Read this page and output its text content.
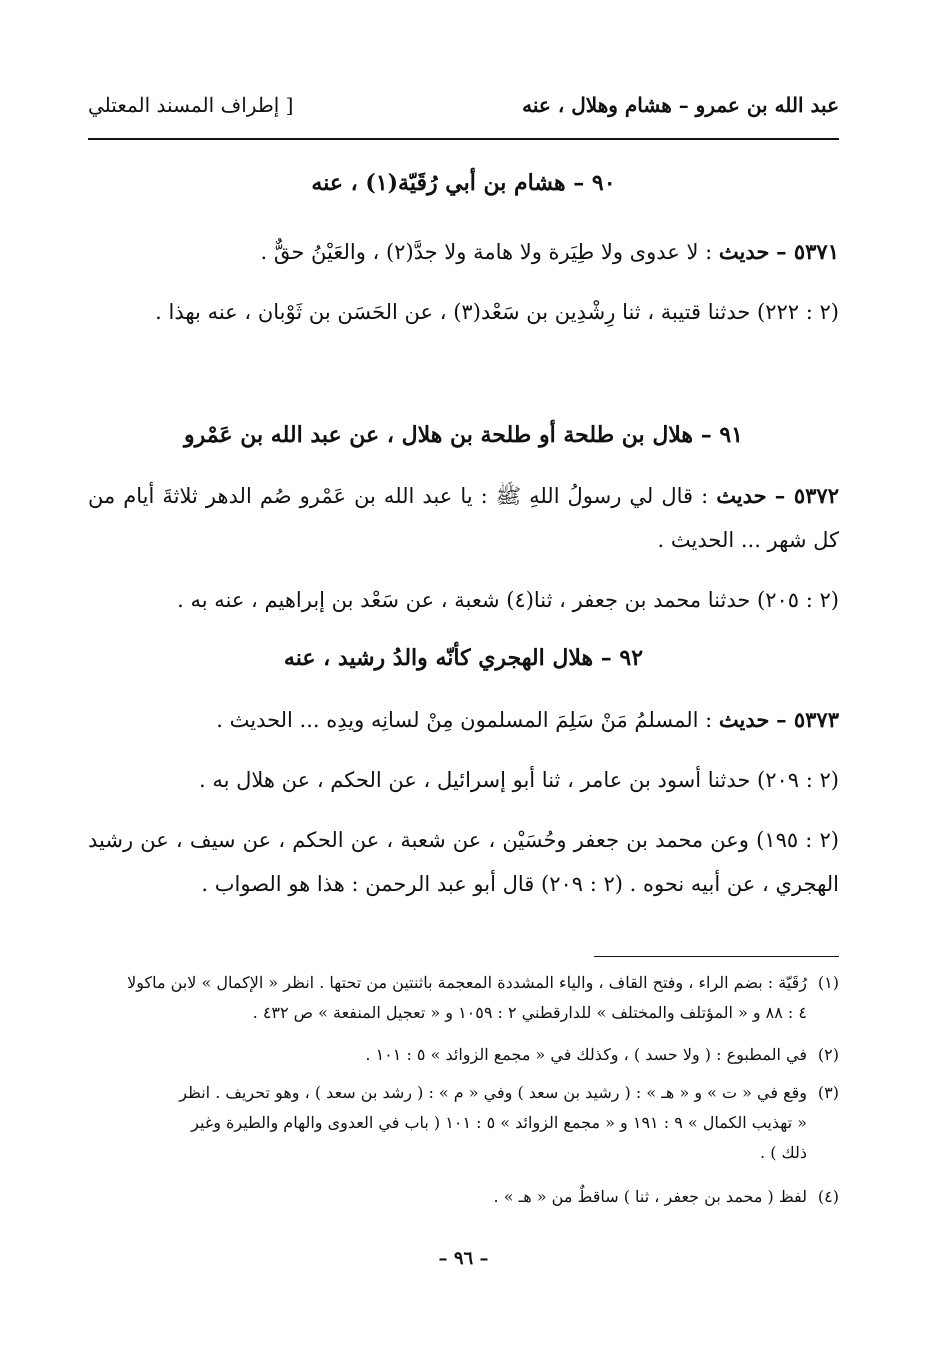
عبد الله بن عمرو – هشام وهلال ، عنه
[ إطراف المسند المعتلي
٩٠ – هشام بن أبي رُقَيّة(١) ، عنه
٥٣٧١ – حديث : لا عدوى ولا طِيَرة ولا هامة ولا جدَّ(٢) ، والعَيْنُ حقٌّ .
(٢ : ٢٢٢) حدثنا قتيبة ، ثنا رِشْدِين بن سَعْد(٣) ، عن الحَسَن بن ثَوْبان ، عنه بهذا .
٩١ – هلال بن طلحة أو طلحة بن هلال ، عن عبد الله بن عَمْرو
٥٣٧٢ – حديث : قال لي رسولُ اللهِ ﷺ : يا عبد الله بن عَمْرو صُم الدهر ثلاثةَ أيام من كل شهر ... الحديث .
(٢ : ٢٠٥) حدثنا محمد بن جعفر ، ثنا(٤) شعبة ، عن سَعْد بن إبراهيم ، عنه به .
٩٢ – هلال الهجري كأنّه والدُ رشيد ، عنه
٥٣٧٣ – حديث : المسلمُ مَنْ سَلِمَ المسلمون مِنْ لسانِه ويدِه ... الحديث .
(٢ : ٢٠٩) حدثنا أسود بن عامر ، ثنا أبو إسرائيل ، عن الحكم ، عن هلال به .
(٢ : ١٩٥) وعن محمد بن جعفر وحُسَيْن ، عن شعبة ، عن الحكم ، عن سيف ، عن رشيد الهجري ، عن أبيه نحوه . (٢ : ٢٠٩) قال أبو عبد الرحمن : هذا هو الصواب .
(١)رُقَيّة : بضم الراء ، وفتح القاف ، والياء المشددة المعجمة باثنتين من تحتها . انظر « الإكمال » لابن ماكولا
٤ : ٨٨ و « المؤتلف والمختلف » للدارقطني ٢ : ١٠٥٩ و « تعجيل المنفعة » ص ٤٣٢ .
(٢)في المطبوع : ( ولا حسد ) ، وكذلك في « مجمع الزوائد » ٥ : ١٠١ .
(٣)وقع في « ت » و « هـ » : ( رشيد بن سعد ) وفي « م » : ( رشد بن سعد ) ، وهو تحريف . انظر
« تهذيب الكمال » ٩ : ١٩١ و « مجمع الزوائد » ٥ : ١٠١ ( باب في العدوى والهام والطيرة وغير
ذلك ) .
(٤)لفظ ( محمد بن جعفر ، ثنا ) ساقطٌ من « هـ » .
– ٩٦ –
